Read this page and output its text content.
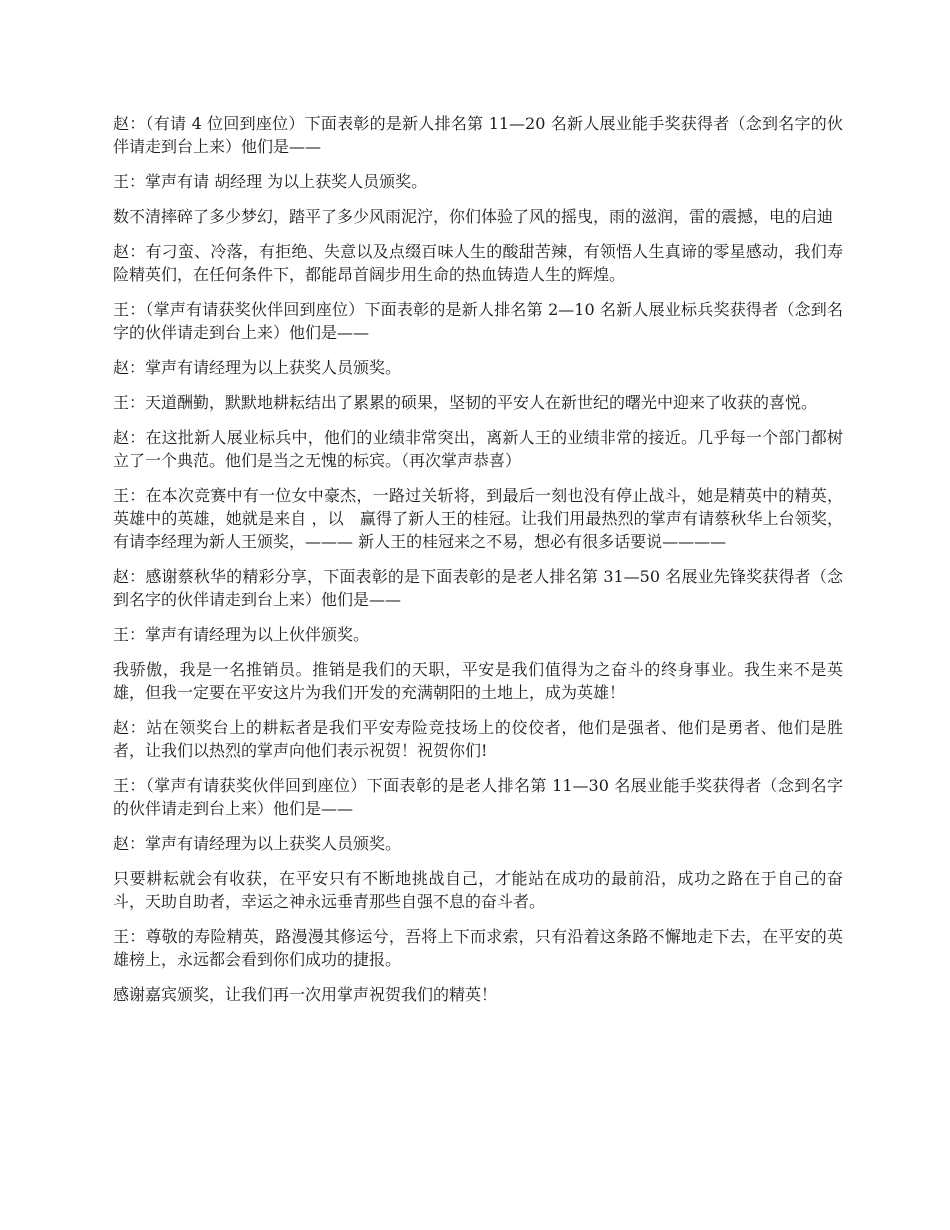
赵：（有请 4 位回到座位）下面表彰的是新人排名第 11—20 名新人展业能手奖获得者（念到名字的伙伴请走到台上来）他们是——

王：掌声有请 胡经理 为以上获奖人员颁奖。

数不清摔碎了多少梦幻，踏平了多少风雨泥泞，你们体验了风的摇曳，雨的滋润，雷的震撼，电的启迪

赵：有刁蛮、冷落，有拒绝、失意以及点缀百味人生的酸甜苦辣，有领悟人生真谛的零星感动，我们寿险精英们，在任何条件下，都能昂首阔步用生命的热血铸造人生的辉煌。

王：（掌声有请获奖伙伴回到座位）下面表彰的是新人排名第 2—10 名新人展业标兵奖获得者（念到名字的伙伴请走到台上来）他们是——

赵：掌声有请经理为以上获奖人员颁奖。

王：天道酬勤，默默地耕耘结出了累累的硕果，坚韧的平安人在新世纪的曙光中迎来了收获的喜悦。

赵：在这批新人展业标兵中，他们的业绩非常突出，离新人王的业绩非常的接近。几乎每一个部门都树立了一个典范。他们是当之无愧的标宾。（再次掌声恭喜）

王：在本次竞赛中有一位女中豪杰，一路过关斩将，到最后一刻也没有停止战斗，她是精英中的精英，英雄中的英雄，她就是来自 ，以　赢得了新人王的桂冠。让我们用最热烈的掌声有请蔡秋华上台领奖，有请李经理为新人王颁奖，——— 新人王的桂冠来之不易，想必有很多话要说————

赵：感谢蔡秋华的精彩分享，下面表彰的是下面表彰的是老人排名第 31—50 名展业先锋奖获得者（念到名字的伙伴请走到台上来）他们是——

王：掌声有请经理为以上伙伴颁奖。

我骄傲，我是一名推销员。推销是我们的天职，平安是我们值得为之奋斗的终身事业。我生来不是英雄，但我一定要在平安这片为我们开发的充满朝阳的土地上，成为英雄！

赵：站在领奖台上的耕耘者是我们平安寿险竞技场上的佼佼者，他们是强者、他们是勇者、他们是胜者，让我们以热烈的掌声向他们表示祝贺！祝贺你们!

王：（掌声有请获奖伙伴回到座位）下面表彰的是老人排名第 11—30 名展业能手奖获得者（念到名字的伙伴请走到台上来）他们是——

赵：掌声有请经理为以上获奖人员颁奖。

只要耕耘就会有收获，在平安只有不断地挑战自己，才能站在成功的最前沿，成功之路在于自己的奋斗，天助自助者，幸运之神永远垂青那些自强不息的奋斗者。

王：尊敬的寿险精英，路漫漫其修运兮，吾将上下而求索，只有沿着这条路不懈地走下去，在平安的英雄榜上，永远都会看到你们成功的捷报。

感谢嘉宾颁奖，让我们再一次用掌声祝贺我们的精英！
